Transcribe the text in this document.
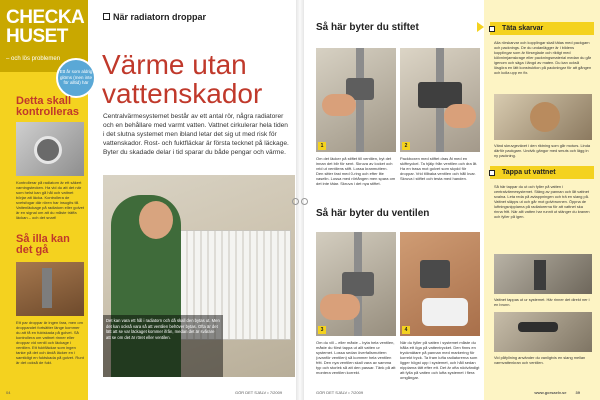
CHECKA
HUSET
– och lös problemen
Ett år som aldrig glöms (men inte för alltid) här
Detta skall kontrolleras
Kontrollerar på radiatorn är ett säkert varningstecken. Ha vid du att det när som helst kan gå hål och vattnet börjar att läcka. Kontrollera de svetsfogar där rören har insugits till. Vattenläckage på radiatorn eller golvet är en signal om att du måste träffa läckan – och det snart!
Så illa kan det gå
Ett par droppar är ingen fara, men om droppandet fortsätter länge kommer du att få en fuktskada på golvet. Så kontrollera om vattnet rinner eller droppar vid ventil och läckage i ventilen. Ett fuktfläckar som ingen tanke på det och ändå läcker en i samtidigt en fuktskada på golvet. Runt är det också de fukt.
När radiatorn droppar
Värme utan vattenskador
Centralvärmesystemet består av ett antal rör, några radiatorer och en behållare med varmt vatten. Vattnet cirkulerar hela tiden i det slutna systemet men ibland letar det sig ut med risk för vattenskador. Rost- och fuktfläckar är första tecknet på läckage. Byter du skadade delar i tid sparar du både pengar och värme.
Det kan vara ett hål i radiatorn och då skall den bytas ut. Men det kan också vara så att ventilen behöver bytas. Ofta är det lätt att se var läckaget kommer ifrån, medan det är svårare att se om det är röret eller ventilen.
04	GÖR DET SJÄLV • 7/2009
Så här byter du stiftet
1	2
Om det läcker på stiftet till ventilen, byt det innan det blir för sent. Skruva av locket och vrid ut ventilens stift. Lossa kranmuttern. Den sitter fast med 0-ring och efter lite vaselin. Lossa med rörtången men spara om det inte tätar. Skruva i det nya stiftet.
Packboxen med stiftet dras åt med en skiftnyckel. Ta hjälp från ventilen och dra åt. Ha en trasa mot golvet som skydd för droppar. Vrid tillbaka ventilen och håll kvar. Skruva i stiftet och testa med handen.
Så här byter du ventilen
3	4
Om du vill – eller måste – byta hela ventilen, måste du först tappa ut allt vatten ur systemet. Lossa sedan överfallsmuttern (ovanför ventilen) så kommer hela ventilen fritt. Den nya ventilen skall vara av samma typ och storlek så att den passar. Tänk på att montera ventilen korrekt.
När du fyller på vatten i systemet måste du hålla ett öga på vattentrycket. Den finns en tryckmätare på pannan med markering för korrekt tryck. Ta fram lufta radiatorerna som ligger högst upp i systemet, och håll sedan nipplarna tätt efter ett. Det är ofta nödvändigt att fylla på vatten och lufta systemet i flera omgångar.
GÖR DET SJÄLV • 7/2009
Täta skarvar
Alla rörskarvar och kopplingar skall tätas med packgarn och packnings. De du undanlägger är i bildens kopplingar som är förseglade och riktigt med kölvnimjamskrage eller packningsmaterial medan du går igenom och säga i längd av maten. Du kan också lösgöra en lätt konstruktion på packningar för att gången och kolla upp en fix.
Vänd skruvgeväxet i den riktning som går moturs. Linda därför packgarn. Undvik gängor med smuts och lägg in ny packning.
Tappa ut vattnet
Så här tappar du ut och fyller på vatten i centralvärmesystemet. Stäng av pannan och låt vattnet svalna. Leta reda på avtappningen och trä en slang på. Vattnet släpps ut och går mot golvbrunnen. Öppna de luftningsnipplarna på radiatorerna för att vattnet ska rinna fritt. När allt vatten har runnit ut stänger du kranen och fyller på igen.
Vattnet tappas ut ur systemet. Här rinner det direkt ner i en brunn.
Vid påfyllning använder du vanligtvis en slang mellan varmvattenkran och ventilen.
www.gorsaelv.se 39
